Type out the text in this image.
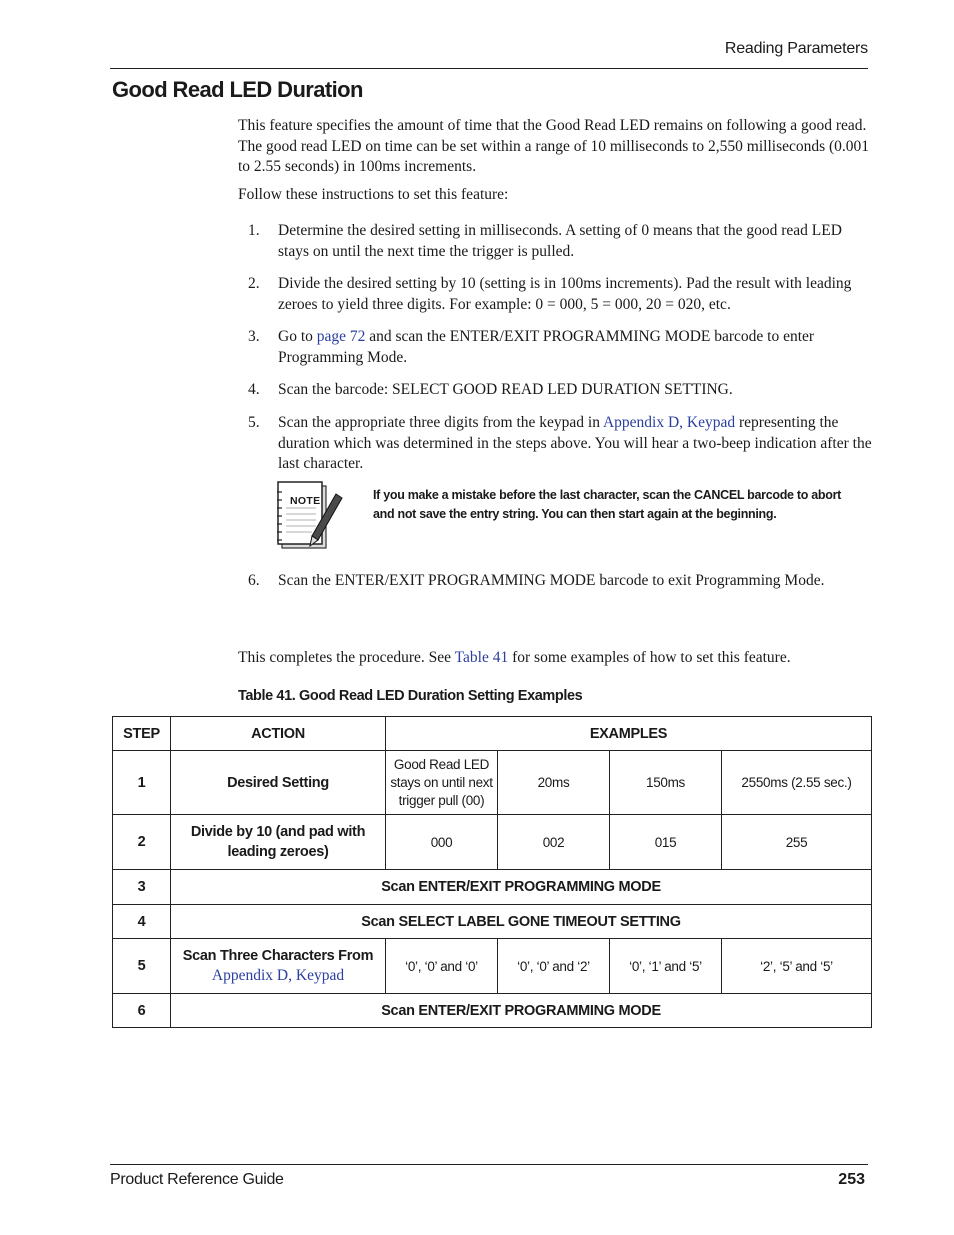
Reading Parameters
Good Read LED Duration

This feature specifies the amount of time that the Good Read LED remains on following a good read. The good read LED on time can be set within a range of 10 milliseconds to 2,550 milliseconds (0.001 to 2.55 seconds) in 100ms increments.

Follow these instructions to set this feature:

1. Determine the desired setting in milliseconds. A setting of 0 means that the good read LED stays on until the next time the trigger is pulled.
2. Divide the desired setting by 10 (setting is in 100ms increments). Pad the result with leading zeroes to yield three digits. For example: 0 = 000, 5 = 000, 20 = 020, etc.
3. Go to page 72 and scan the ENTER/EXIT PROGRAMMING MODE barcode to enter Programming Mode.
4. Scan the barcode: SELECT GOOD READ LED DURATION SETTING.
5. Scan the appropriate three digits from the keypad in Appendix D, Keypad representing the duration which was determined in the steps above. You will hear a two-beep indication after the last character.
NOTE	If you make a mistake before the last character, scan the CANCEL barcode to abort and not save the entry string. You can then start again at the beginning.
6. Scan the ENTER/EXIT PROGRAMMING MODE barcode to exit Programming Mode.

This completes the procedure. See Table 41 for some examples of how to set this feature.

Table 41. Good Read LED Duration Setting Examples
STEP	ACTION	EXAMPLES			
1	Desired Setting	Good Read LED stays on until next trigger pull (00)	20ms	150ms	2550ms (2.55 sec.)
2	Divide by 10 (and pad with leading zeroes)	000	002	015	255
3	Scan ENTER/EXIT PROGRAMMING MODE				
4	Scan SELECT LABEL GONE TIMEOUT SETTING				
5	Scan Three Characters From
Appendix D, Keypad	‘0’, ‘0’ and ‘0’	‘0’, ‘0’ and ‘2’	‘0’, ‘1’ and ‘5’	‘2’, ‘5’ and ‘5’
6	Scan ENTER/EXIT PROGRAMMING MODE				
Product Reference Guide	253
